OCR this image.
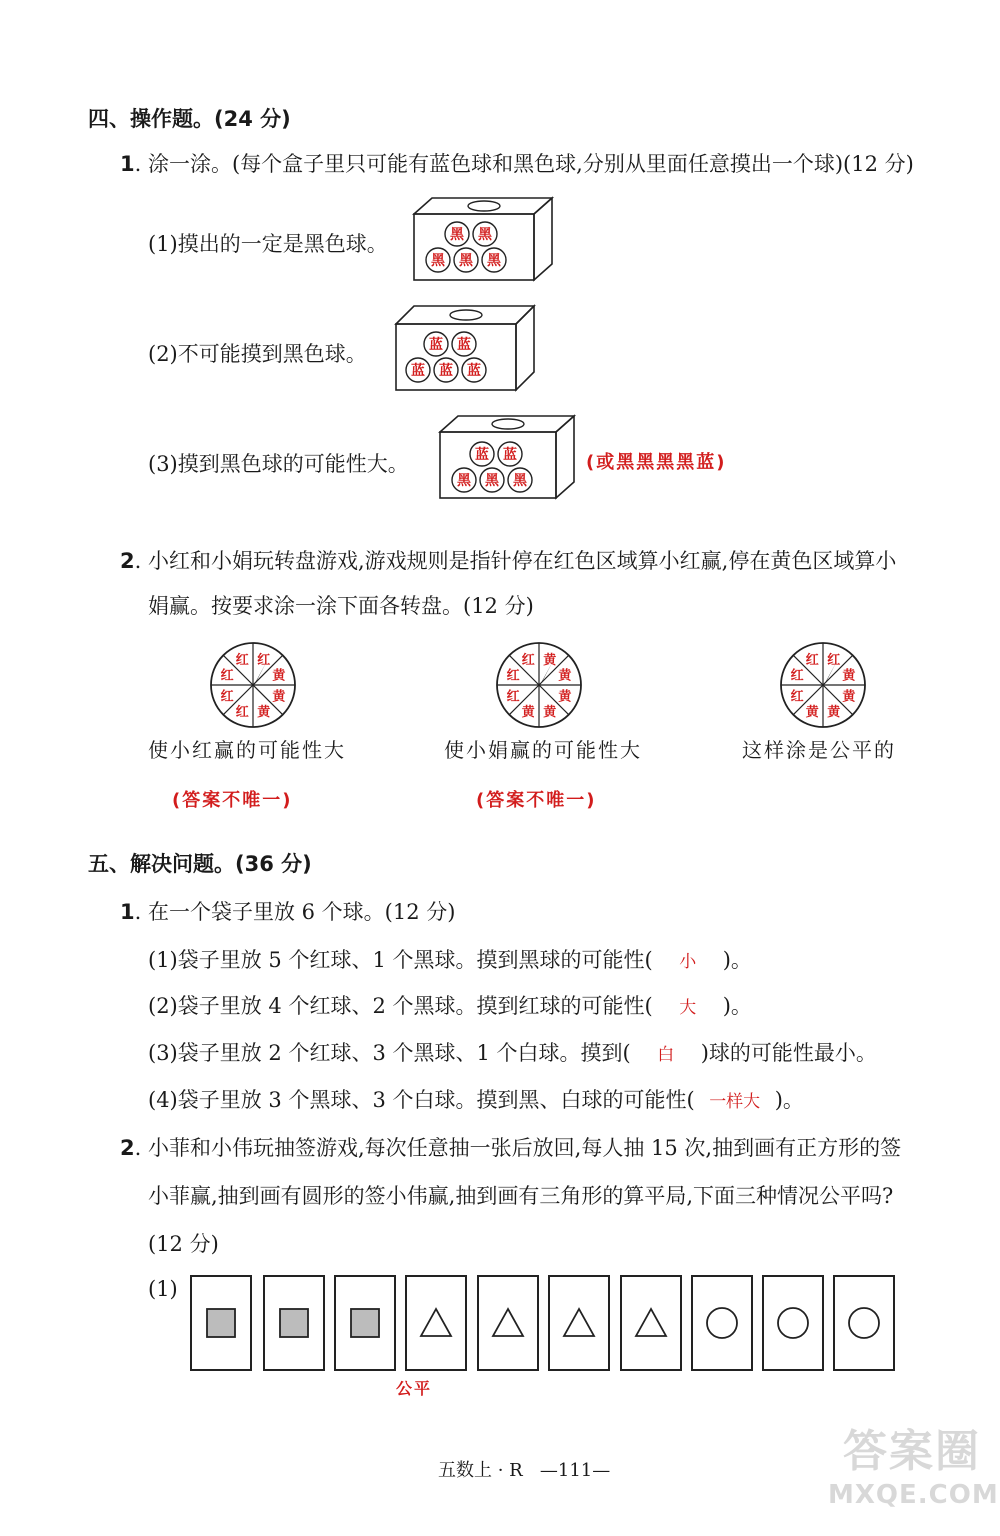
四、操作题。(24 分)
1. 涂一涂。(每个盒子里只可能有蓝色球和黑色球,分别从里面任意摸出一个球)(12 分)
(1)摸出的一定是黑色球。	黑 黑
黑 黑 黑
(2)不可能摸到黑色球。	蓝 蓝
蓝 蓝 蓝
(3)摸到黑色球的可能性大。	蓝 蓝
黑 黑 黑
(或黑黑黑黑蓝)
2. 小红和小娟玩转盘游戏,游戏规则是指针停在红色区域算小红赢,停在黄色区域算小
娟赢。按要求涂一涂下面各转盘。(12 分)
红
黄
黄
黄
红
红
红
红	黄
黄
黄
黄
黄
红
红
红	红
黄
黄
黄
黄
红
红
红
使小红赢的可能性大	使小娟赢的可能性大	这样涂是公平的
(答案不唯一)	(答案不唯一)
五、解决问题。(36 分)
1. 在一个袋子里放 6 个球。(12 分)
(1)袋子里放 5 个红球、1 个黑球。摸到黑球的可能性( 小 )。
(2)袋子里放 4 个红球、2 个黑球。摸到红球的可能性( 大 )。
(3)袋子里放 2 个红球、3 个黑球、1 个白球。摸到( 白 )球的可能性最小。
(4)袋子里放 3 个黑球、3 个白球。摸到黑、白球的可能性( 一样大 )。
2. 小菲和小伟玩抽签游戏,每次任意抽一张后放回,每人抽 15 次,抽到画有正方形的签
小菲赢,抽到画有圆形的签小伟赢,抽到画有三角形的算平局,下面三种情况公平吗?
(12 分)
(1)
公平
五数上 · R —111—	答案圈
MXQE.COM
